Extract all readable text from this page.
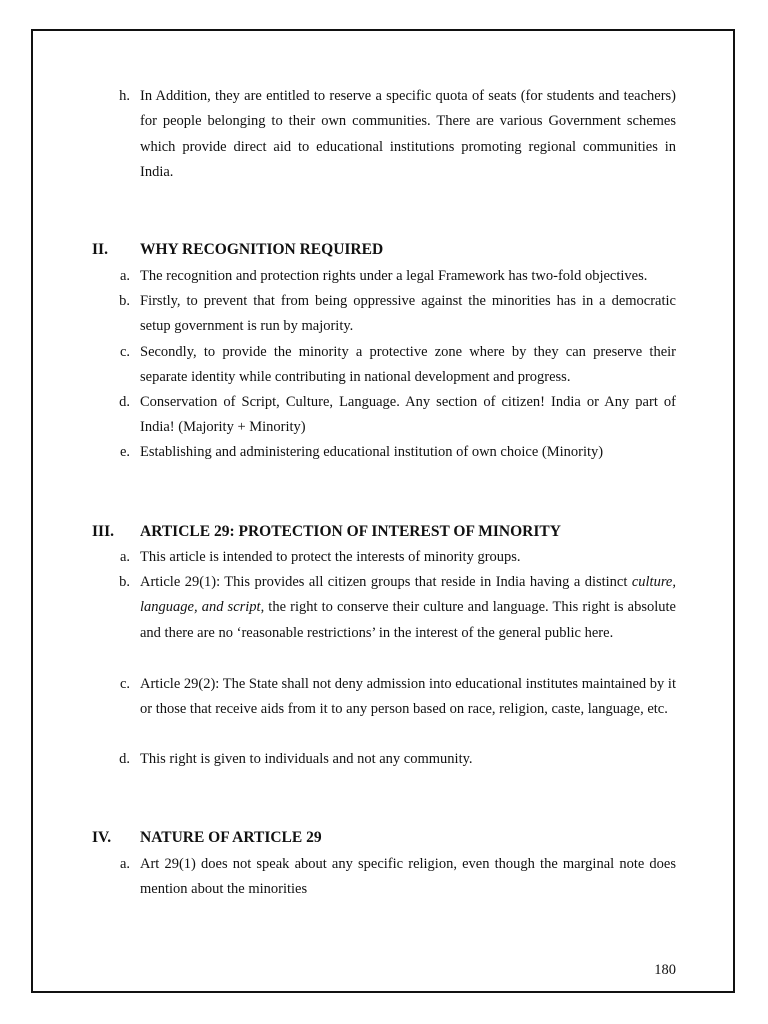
h. In Addition, they are entitled to reserve a specific quota of seats (for students and teachers) for people belonging to their own communities. There are various Government schemes which provide direct aid to educational institutions promoting regional communities in India.

II. WHY RECOGNITION REQUIRED
a. The recognition and protection rights under a legal Framework has two-fold objectives.

b. Firstly, to prevent that from being oppressive against the minorities has in a democratic setup government is run by majority.

c. Secondly, to provide the minority a protective zone where by they can preserve their separate identity while contributing in national development and progress.

d. Conservation of Script, Culture, Language. Any section of citizen! India or Any part of India! (Majority + Minority)

e. Establishing and administering educational institution of own choice (Minority)

III. ARTICLE 29: PROTECTION OF INTEREST OF MINORITY
a. This article is intended to protect the interests of minority groups.

b. Article 29(1): This provides all citizen groups that reside in India having a distinct culture, language, and script, the right to conserve their culture and language. This right is absolute and there are no ‘reasonable restrictions’ in the interest of the general public here.

c. Article 29(2): The State shall not deny admission into educational institutes maintained by it or those that receive aids from it to any person based on race, religion, caste, language, etc.

d. This right is given to individuals and not any community.

IV. NATURE OF ARTICLE 29
a. Art 29(1) does not speak about any specific religion, even though the marginal note does mention about the minorities

180
